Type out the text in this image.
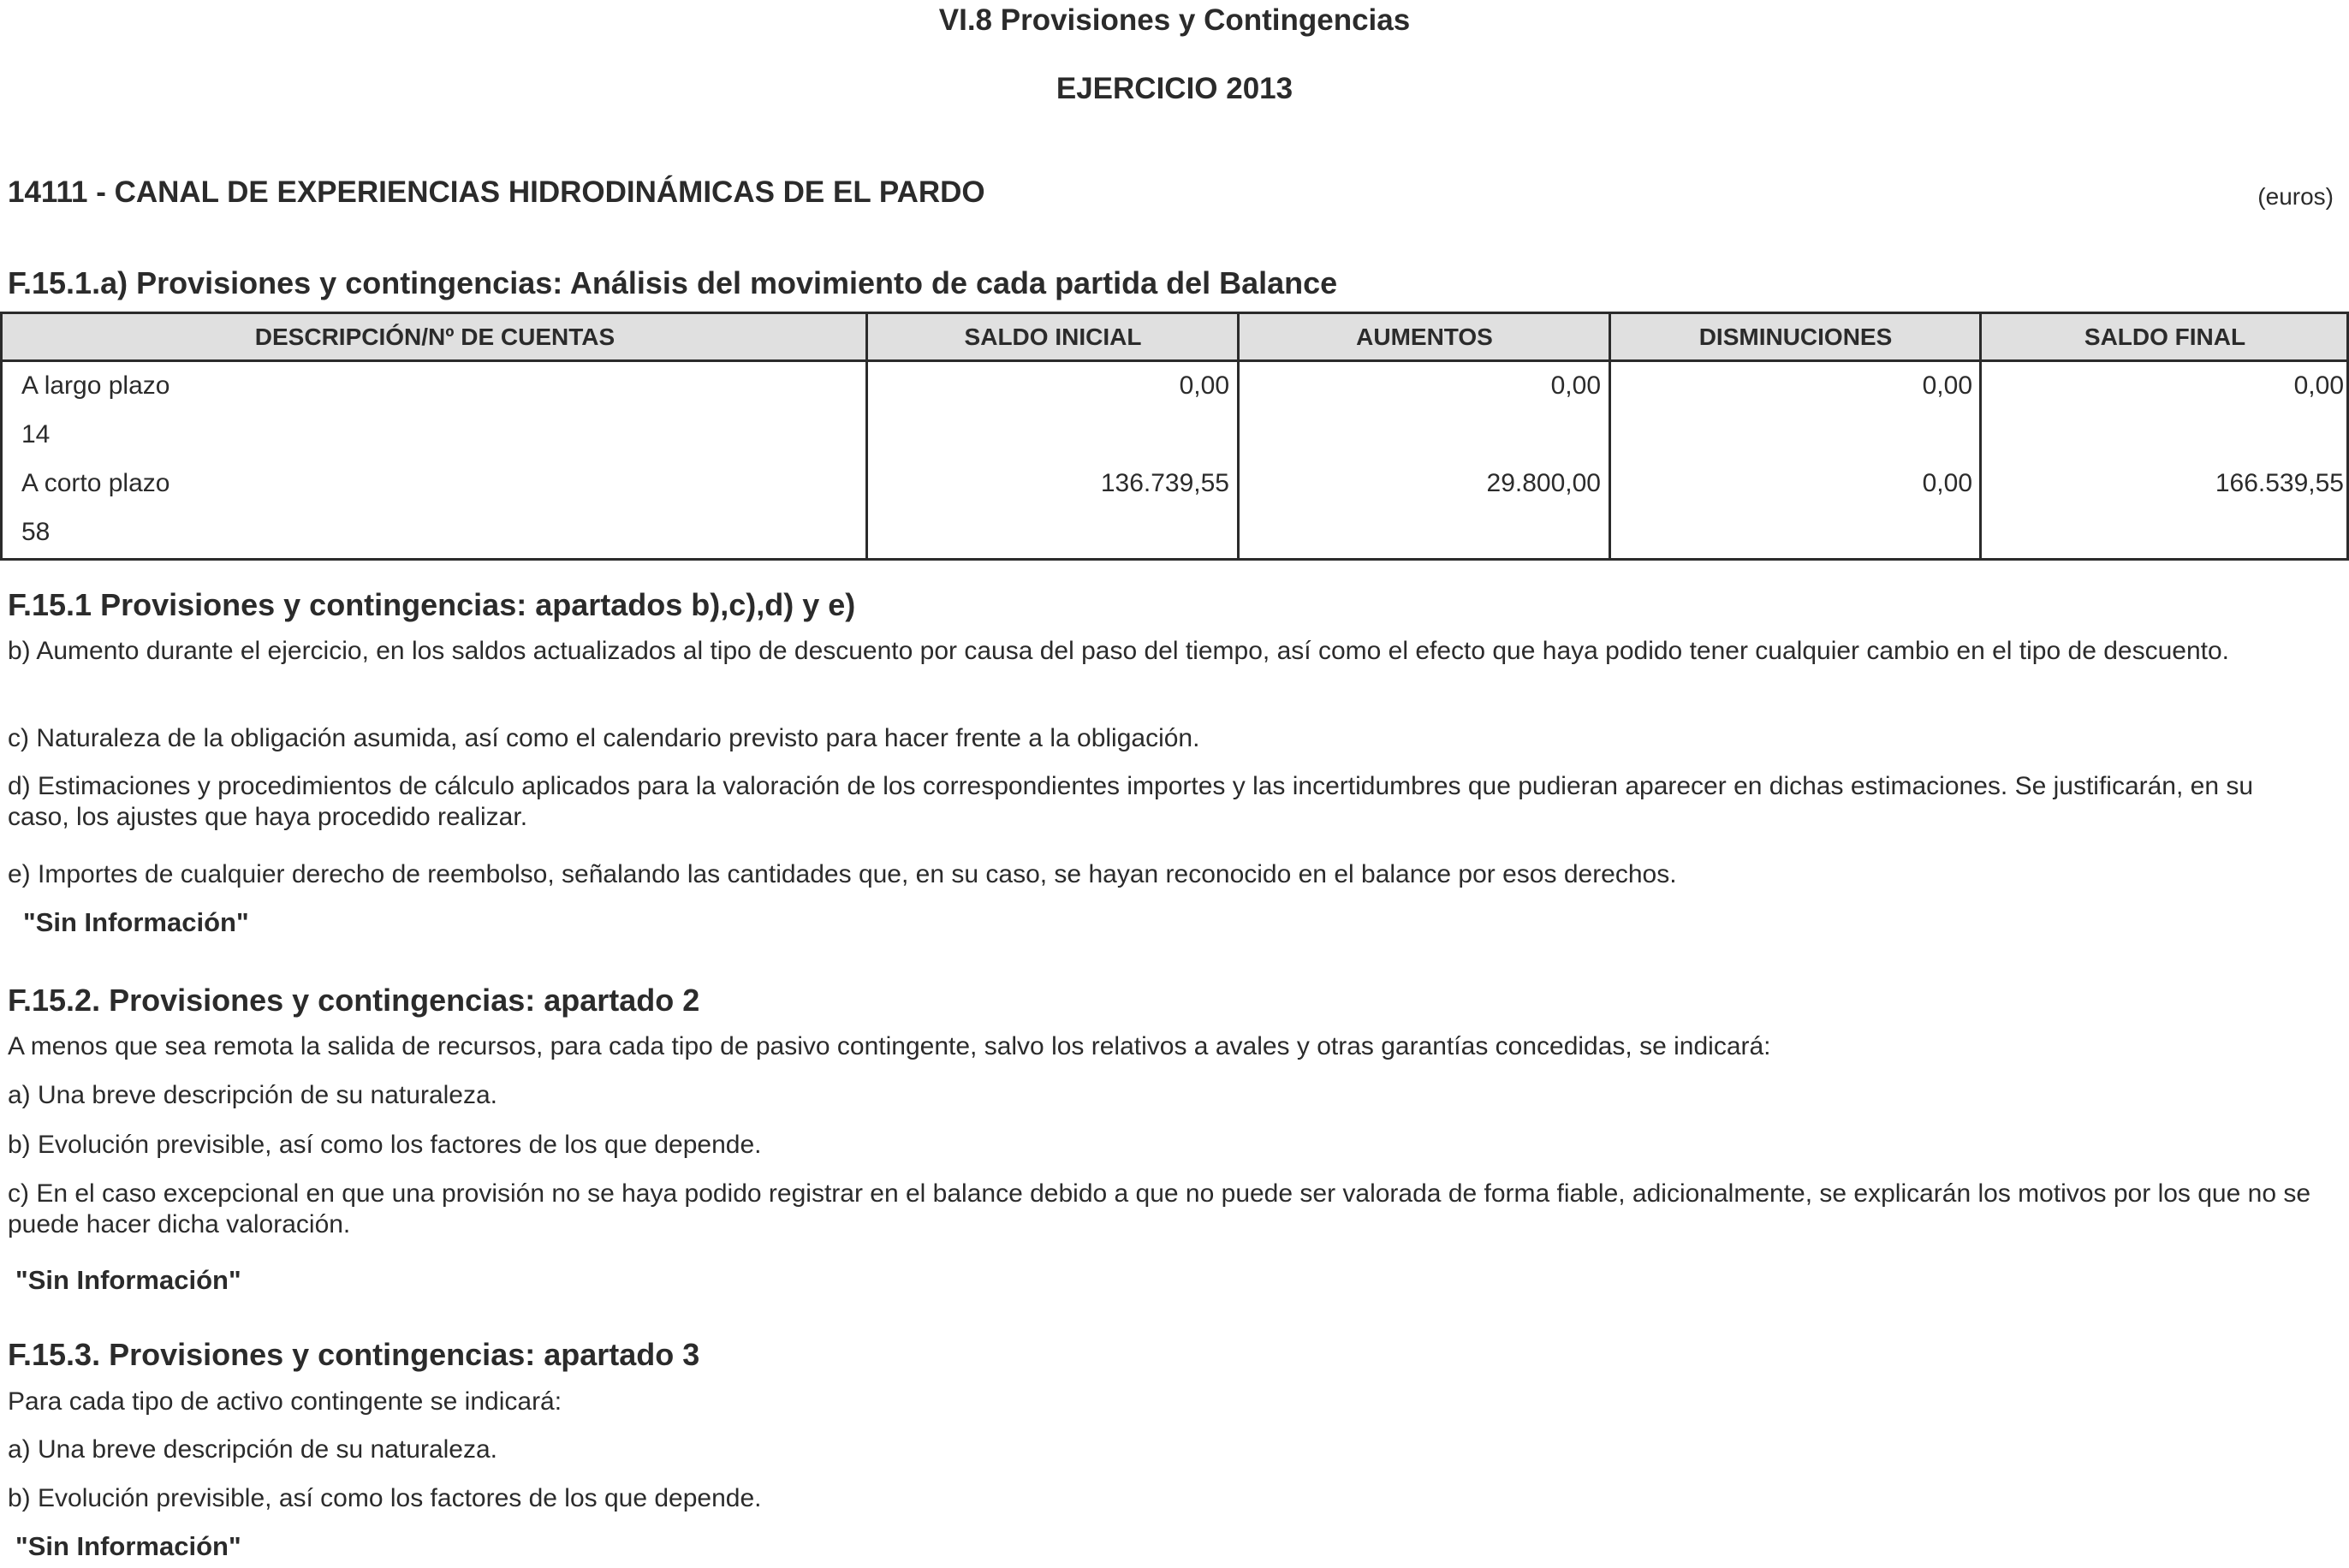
VI.8 Provisiones y Contingencias
EJERCICIO 2013
14111 - CANAL DE EXPERIENCIAS HIDRODINÁMICAS DE EL PARDO	(euros)
F.15.1.a) Provisiones y contingencias: Análisis del movimiento de cada partida del Balance
DESCRIPCIÓN/Nº DE CUENTAS	SALDO INICIAL	AUMENTOS	DISMINUCIONES	SALDO FINAL
A largo plazo	0,00	0,00	0,00	0,00
14
A corto plazo	136.739,55	29.800,00	0,00	166.539,55
58
F.15.1 Provisiones y contingencias: apartados b),c),d) y e)
b) Aumento durante el ejercicio, en los saldos actualizados al tipo de descuento por causa del paso del tiempo, así como el efecto que haya podido tener cualquier cambio en el tipo de descuento.
c) Naturaleza de la obligación asumida, así como el calendario previsto para hacer frente a la obligación.
d) Estimaciones y procedimientos de cálculo aplicados para la valoración de los correspondientes importes y las incertidumbres que pudieran aparecer en dichas estimaciones. Se justificarán, en su caso, los ajustes que haya procedido realizar.
e) Importes de cualquier derecho de reembolso, señalando las cantidades que, en su caso, se hayan reconocido en el balance por esos derechos.
"Sin Información"
F.15.2. Provisiones y contingencias: apartado 2
A menos que sea remota la salida de recursos, para cada tipo de pasivo contingente, salvo los relativos a avales y otras garantías concedidas, se indicará:
a) Una breve descripción de su naturaleza.
b) Evolución previsible, así como los factores de los que depende.
c) En el caso excepcional en que una provisión no se haya podido registrar en el balance debido a que no puede ser valorada de forma fiable, adicionalmente, se explicarán los motivos por los que no se puede hacer dicha valoración.
"Sin Información"
F.15.3. Provisiones y contingencias: apartado 3
Para cada tipo de activo contingente se indicará:
a) Una breve descripción de su naturaleza.
b) Evolución previsible, así como los factores de los que depende.
"Sin Información"
